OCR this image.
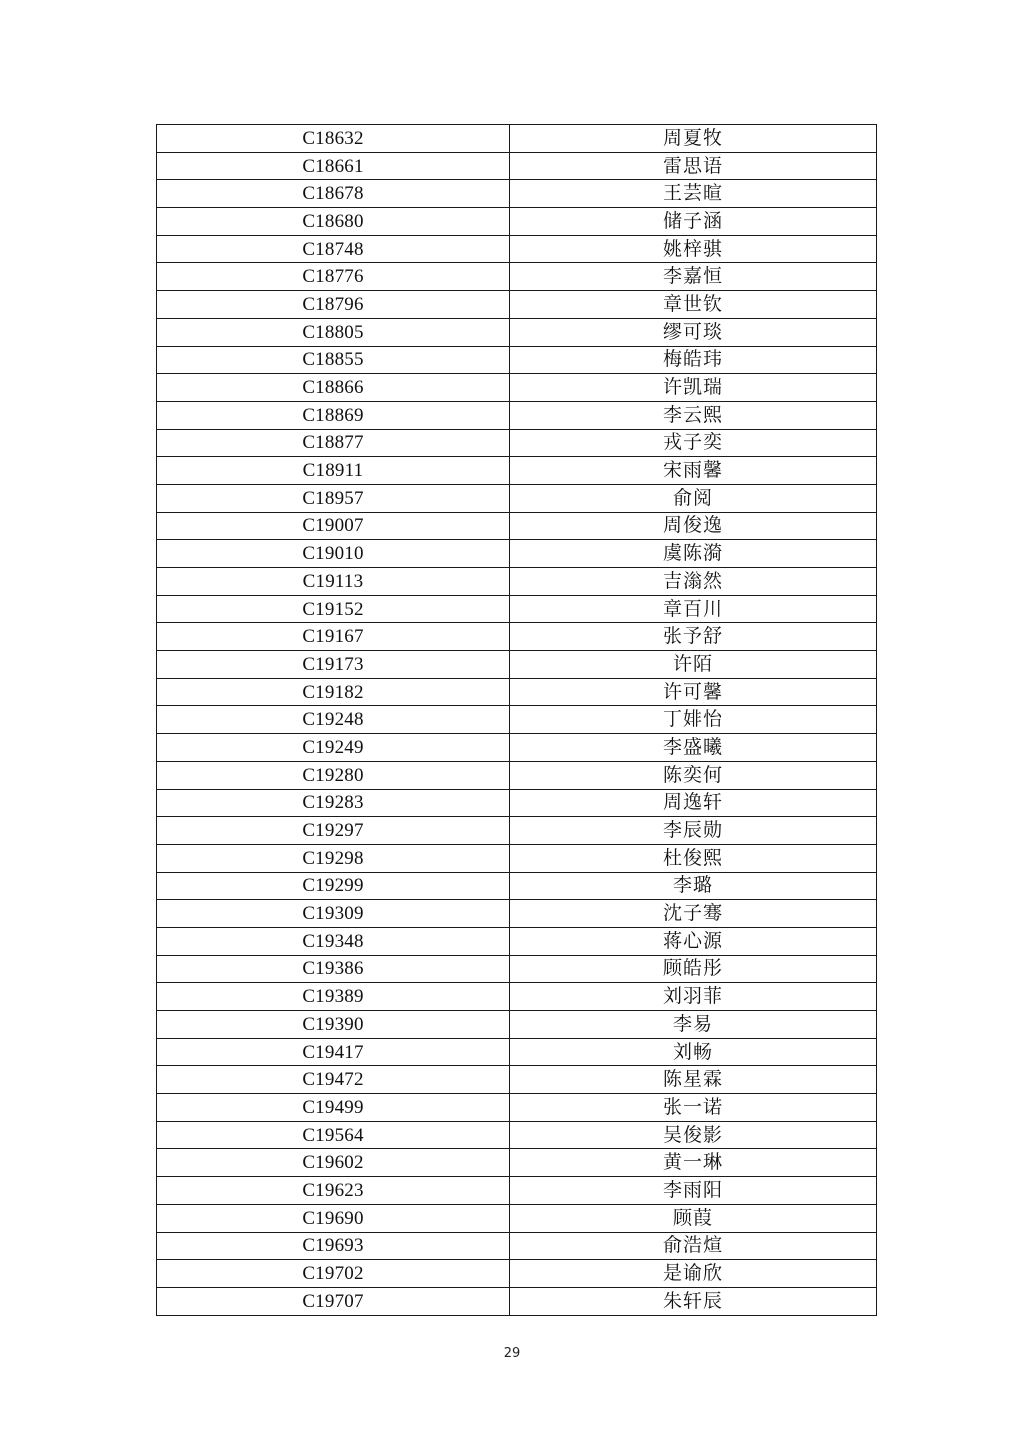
C18632	周夏牧
C18661	雷思语
C18678	王芸暄
C18680	储子涵
C18748	姚梓骐
C18776	李嘉恒
C18796	章世钦
C18805	缪可琰
C18855	梅皓玮
C18866	许凯瑞
C18869	李云熙
C18877	戎子奕
C18911	宋雨馨
C18957	俞阅
C19007	周俊逸
C19010	虞陈漪
C19113	吉滃然
C19152	章百川
C19167	张予舒
C19173	许陌
C19182	许可馨
C19248	丁婔怡
C19249	李盛曦
C19280	陈奕何
C19283	周逸轩
C19297	李辰勋
C19298	杜俊熙
C19299	李璐
C19309	沈子骞
C19348	蒋心源
C19386	顾皓彤
C19389	刘羽菲
C19390	李易
C19417	刘畅
C19472	陈星霖
C19499	张一诺
C19564	吴俊影
C19602	黄一琳
C19623	李雨阳
C19690	顾葭
C19693	俞浩煊
C19702	是谕欣
C19707	朱轩辰
29
